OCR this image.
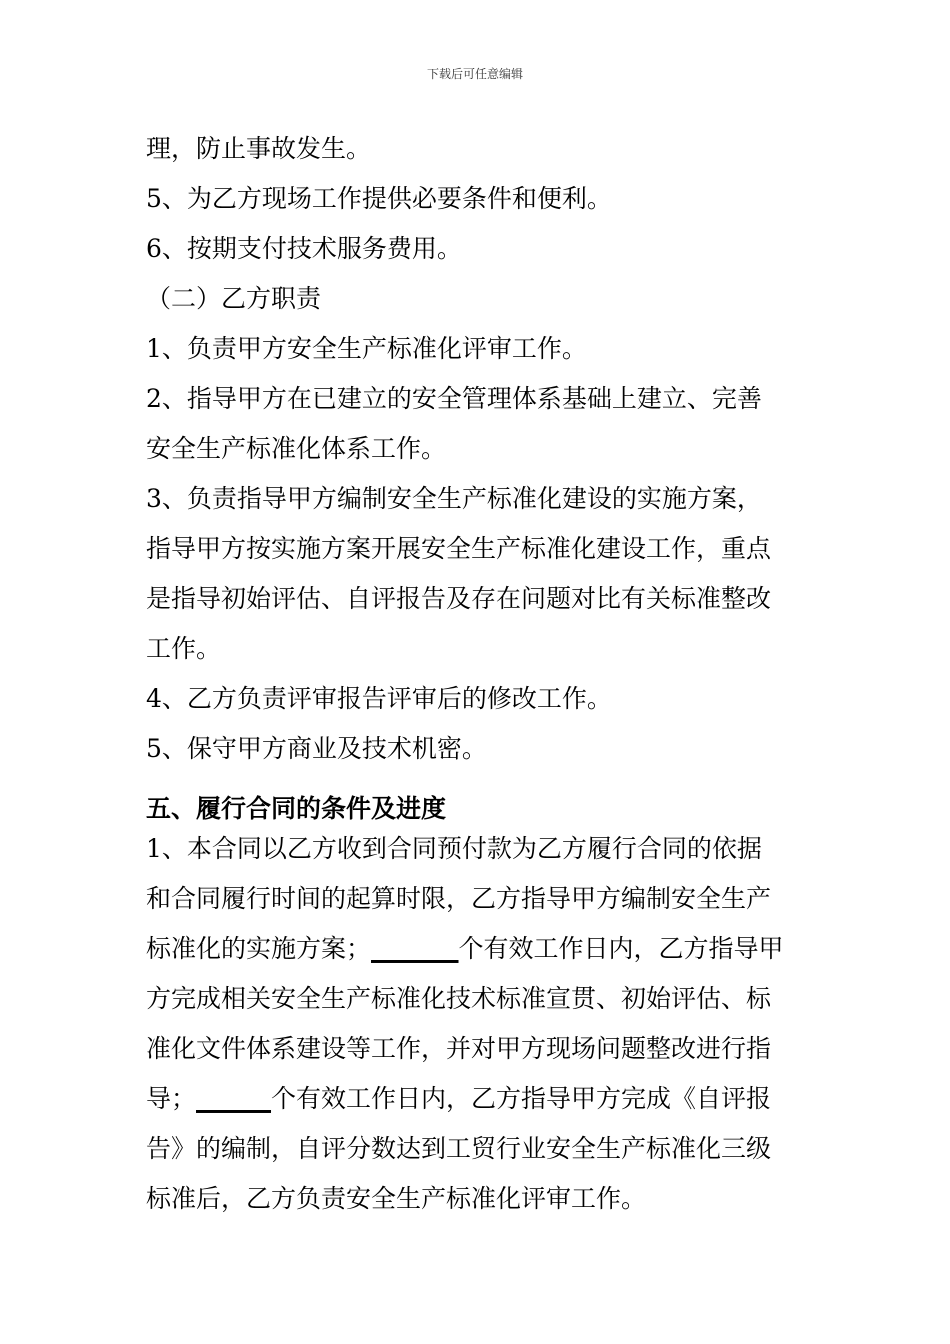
下载后可任意编辑
理，防止事故发生。
5、为乙方现场工作提供必要条件和便利。
6、按期支付技术服务费用。
（二）乙方职责
1、负责甲方安全生产标准化评审工作。
2、指导甲方在已建立的安全管理体系基础上建立、完善
安全生产标准化体系工作。
3、负责指导甲方编制安全生产标准化建设的实施方案，
指导甲方按实施方案开展安全生产标准化建设工作，重点
是指导初始评估、自评报告及存在问题对比有关标准整改
工作。
4、乙方负责评审报告评审后的修改工作。
5、保守甲方商业及技术机密。
五、履行合同的条件及进度
1、本合同以乙方收到合同预付款为乙方履行合同的依据
和合同履行时间的起算时限，乙方指导甲方编制安全生产
标准化的实施方案；_______个有效工作日内，乙方指导甲
方完成相关安全生产标准化技术标准宣贯、初始评估、标
准化文件体系建设等工作，并对甲方现场问题整改进行指
导；______个有效工作日内，乙方指导甲方完成《自评报
告》的编制，自评分数达到工贸行业安全生产标准化三级
标准后，乙方负责安全生产标准化评审工作。
